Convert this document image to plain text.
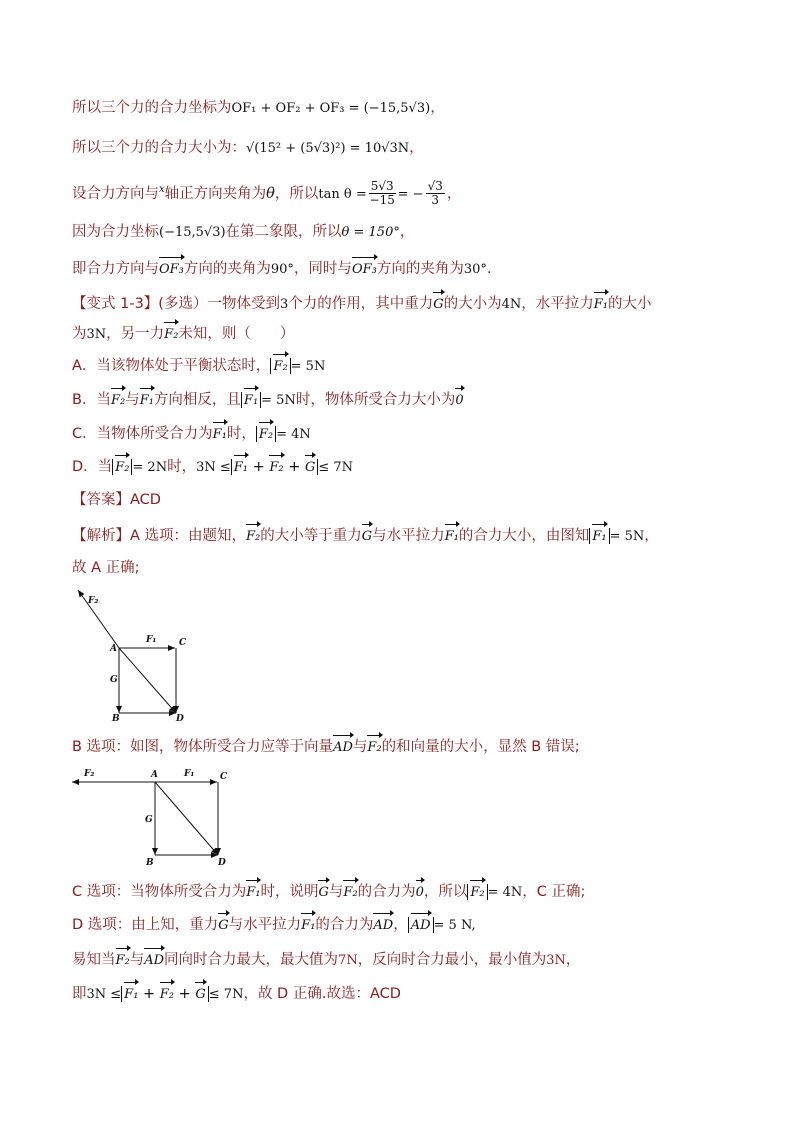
所以三个力的合力坐标为OF₁ + OF₂ + OF₃ = (−15,5√3)，
所以三个力的合力大小为：√(15² + (5√3)²) = 10√3N，
设合力方向与$^x$轴正方向夹角为θ，所以$\tan \theta = \frac{5√3}{-15}$ = − $\frac{√3}{3}$ ，
因为合力坐标(−15,5√3)在第二象限，所以θ = 150°，
即合力方向与OF₃方向的夹角为90°，同时与OF₃方向的夹角为30°.
【变式 1-3】(多选）一物体受到3个力的作用，其中重力G的大小为4N，水平拉力F₁的大小
为3N，另一力F₂未知，则（　　）
A．当该物体处于平衡状态时， F₂ = 5N
B．当F₂与F₁方向相反，且 F₁ = 5N时，物体所受合力大小为0
C．当物体所受合力为F₁时， F₂ = 4N
D．当 F₂ = 2N时，3N ≤ F₁ + F₂ + G ≤ 7N
【答案】ACD
【解析】A 选项：由题知，F₂的大小等于重力G与水平拉力F₁的合力大小，由图知 F₁ = 5N，
故 A 正确;
F₂
F₁
G
A
C
B	D
B 选项：如图，物体所受合力应等于向量AD与F₂的和向量的大小，显然 B 错误;
F₂	F₁
G
A	C
B	D
C 选项：当物体所受合力为F₁时，说明G与F₂的合力为0，所以 F₂ = 4N，C 正确;
D 选项：由上知，重力G与水平拉力F₁的合力为AD， AD = 5 N,
易知当F₂与AD同向时合力最大，最大值为7N，反向时合力最小，最小值为3N，
即3N ≤ F₁ + F₂ + G ≤ 7N，故 D 正确.故选：ACD
